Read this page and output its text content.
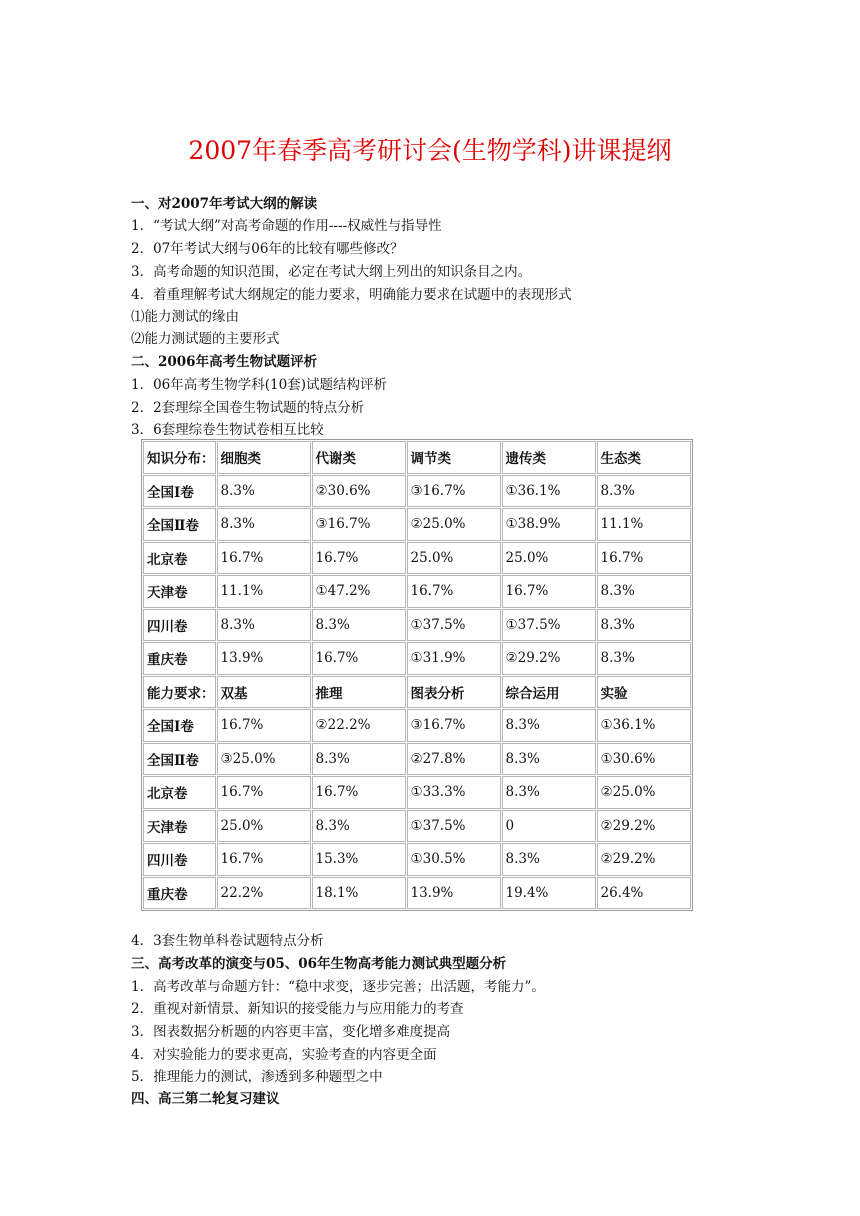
2007年春季高考研讨会(生物学科)讲课提纲
一、对2007年考试大纲的解读
1．“考试大纲”对高考命题的作用----权威性与指导性
2．07年考试大纲与06年的比较有哪些修改？
3．高考命题的知识范围，必定在考试大纲上列出的知识条目之内。
4．着重理解考试大纲规定的能力要求，明确能力要求在试题中的表现形式
⑴能力测试的缘由
⑵能力测试题的主要形式
二、2006年高考生物试题评析
1．06年高考生物学科(10套)试题结构评析
2．2套理综全国卷生物试题的特点分析
3．6套理综卷生物试卷相互比较
知识分布：	细胞类	代谢类	调节类	遗传类	生态类
全国Ⅰ卷	8.3%	②30.6%	③16.7%	①36.1%	8.3%
全国Ⅱ卷	8.3%	③16.7%	②25.0%	①38.9%	11.1%
北京卷	16.7%	16.7%	25.0%	25.0%	16.7%
天津卷	11.1%	①47.2%	16.7%	16.7%	8.3%
四川卷	8.3%	8.3%	①37.5%	①37.5%	8.3%
重庆卷	13.9%	16.7%	①31.9%	②29.2%	8.3%
能力要求：	双基	推理	图表分析	综合运用	实验
全国Ⅰ卷	16.7%	②22.2%	③16.7%	8.3%	①36.1%
全国Ⅱ卷	③25.0%	8.3%	②27.8%	8.3%	①30.6%
北京卷	16.7%	16.7%	①33.3%	8.3%	②25.0%
天津卷	25.0%	8.3%	①37.5%	0	②29.2%
四川卷	16.7%	15.3%	①30.5%	8.3%	②29.2%
重庆卷	22.2%	18.1%	13.9%	19.4%	26.4%
4．3套生物单科卷试题特点分析
三、高考改革的演变与05、06年生物高考能力测试典型题分析
1．高考改革与命题方针：“稳中求变，逐步完善；出活题，考能力”。
2．重视对新情景、新知识的接受能力与应用能力的考查
3．图表数据分析题的内容更丰富，变化增多难度提高
4．对实验能力的要求更高，实验考查的内容更全面
5．推理能力的测试，渗透到多种题型之中
四、高三第二轮复习建议
